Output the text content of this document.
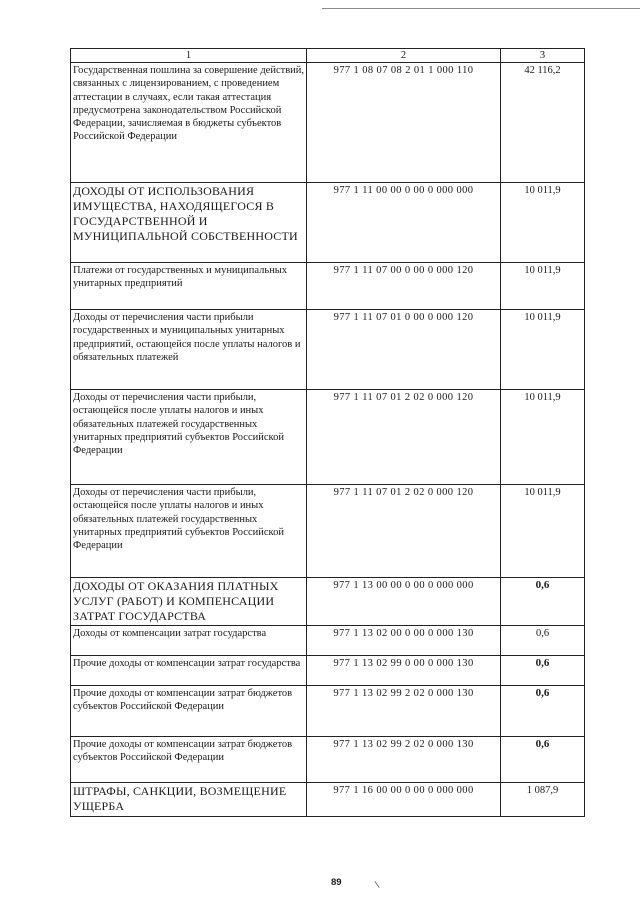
1	2	3
Государственная пошлина за совершение действий, связанных с лицензированием, с проведением аттестации в случаях, если такая аттестация предусмотрена законодательством Российской Федерации, зачисляемая в бюджеты субъектов Российской Федерации	977 1 08 07 08 2 01 1 000 110	42 116,2
ДОХОДЫ ОТ ИСПОЛЬЗОВАНИЯ ИМУЩЕСТВА, НАХОДЯЩЕГОСЯ В ГОСУДАРСТВЕННОЙ И МУНИЦИПАЛЬНОЙ СОБСТВЕННОСТИ	977 1 11 00 00 0 00 0 000 000	10 011,9
Платежи от государственных и муниципальных унитарных предприятий	977 1 11 07 00 0 00 0 000 120	10 011,9
Доходы от перечисления части прибыли государственных и муниципальных унитарных предприятий, остающейся после уплаты налогов и обязательных платежей	977 1 11 07 01 0 00 0 000 120	10 011,9
Доходы от перечисления части прибыли, остающейся после уплаты налогов и иных обязательных платежей государственных унитарных предприятий субъектов Российской Федерации	977 1 11 07 01 2 02 0 000 120	10 011,9
Доходы от перечисления части прибыли, остающейся после уплаты налогов и иных обязательных платежей государственных унитарных предприятий субъектов Российской Федерации	977 1 11 07 01 2 02 0 000 120	10 011,9
ДОХОДЫ ОТ ОКАЗАНИЯ ПЛАТНЫХ УСЛУГ (РАБОТ) И КОМПЕНСАЦИИ ЗАТРАТ ГОСУДАРСТВА	977 1 13 00 00 0 00 0 000 000	0,6
Доходы от компенсации затрат государства	977 1 13 02 00 0 00 0 000 130	0,6
Прочие доходы от компенсации затрат государства	977 1 13 02 99 0 00 0 000 130	0,6
Прочие доходы от компенсации затрат бюджетов субъектов Российской Федерации	977 1 13 02 99 2 02 0 000 130	0,6
Прочие доходы от компенсации затрат бюджетов субъектов Российской Федерации	977 1 13 02 99 2 02 0 000 130	0,6
ШТРАФЫ, САНКЦИИ, ВОЗМЕЩЕНИЕ УЩЕРБА	977 1 16 00 00 0 00 0 000 000	1 087,9
89	\
